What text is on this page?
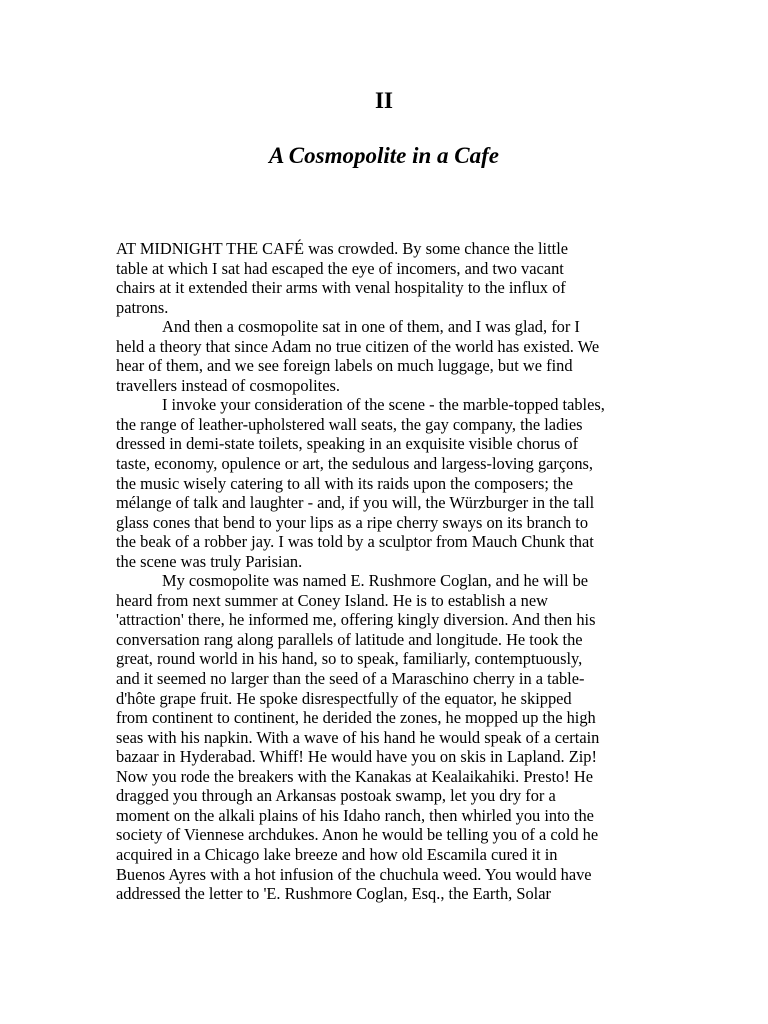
II
A Cosmopolite in a Cafe
AT MIDNIGHT THE CAFÉ was crowded. By some chance the little
table at which I sat had escaped the eye of incomers, and two vacant
chairs at it extended their arms with venal hospitality to the influx of
patrons.
And then a cosmopolite sat in one of them, and I was glad, for I
held a theory that since Adam no true citizen of the world has existed. We
hear of them, and we see foreign labels on much luggage, but we find
travellers instead of cosmopolites.
I invoke your consideration of the scene - the marble-topped tables,
the range of leather-upholstered wall seats, the gay company, the ladies
dressed in demi-state toilets, speaking in an exquisite visible chorus of
taste, economy, opulence or art, the sedulous and largess-loving garçons,
the music wisely catering to all with its raids upon the composers; the
mélange of talk and laughter - and, if you will, the Würzburger in the tall
glass cones that bend to your lips as a ripe cherry sways on its branch to
the beak of a robber jay. I was told by a sculptor from Mauch Chunk that
the scene was truly Parisian.
My cosmopolite was named E. Rushmore Coglan, and he will be
heard from next summer at Coney Island. He is to establish a new
'attraction' there, he informed me, offering kingly diversion. And then his
conversation rang along parallels of latitude and longitude. He took the
great, round world in his hand, so to speak, familiarly, contemptuously,
and it seemed no larger than the seed of a Maraschino cherry in a table-
d'hôte grape fruit. He spoke disrespectfully of the equator, he skipped
from continent to continent, he derided the zones, he mopped up the high
seas with his napkin. With a wave of his hand he would speak of a certain
bazaar in Hyderabad. Whiff! He would have you on skis in Lapland. Zip!
Now you rode the breakers with the Kanakas at Kealaikahiki. Presto! He
dragged you through an Arkansas postoak swamp, let you dry for a
moment on the alkali plains of his Idaho ranch, then whirled you into the
society of Viennese archdukes. Anon he would be telling you of a cold he
acquired in a Chicago lake breeze and how old Escamila cured it in
Buenos Ayres with a hot infusion of the chuchula weed. You would have
addressed the letter to 'E. Rushmore Coglan, Esq., the Earth, Solar
